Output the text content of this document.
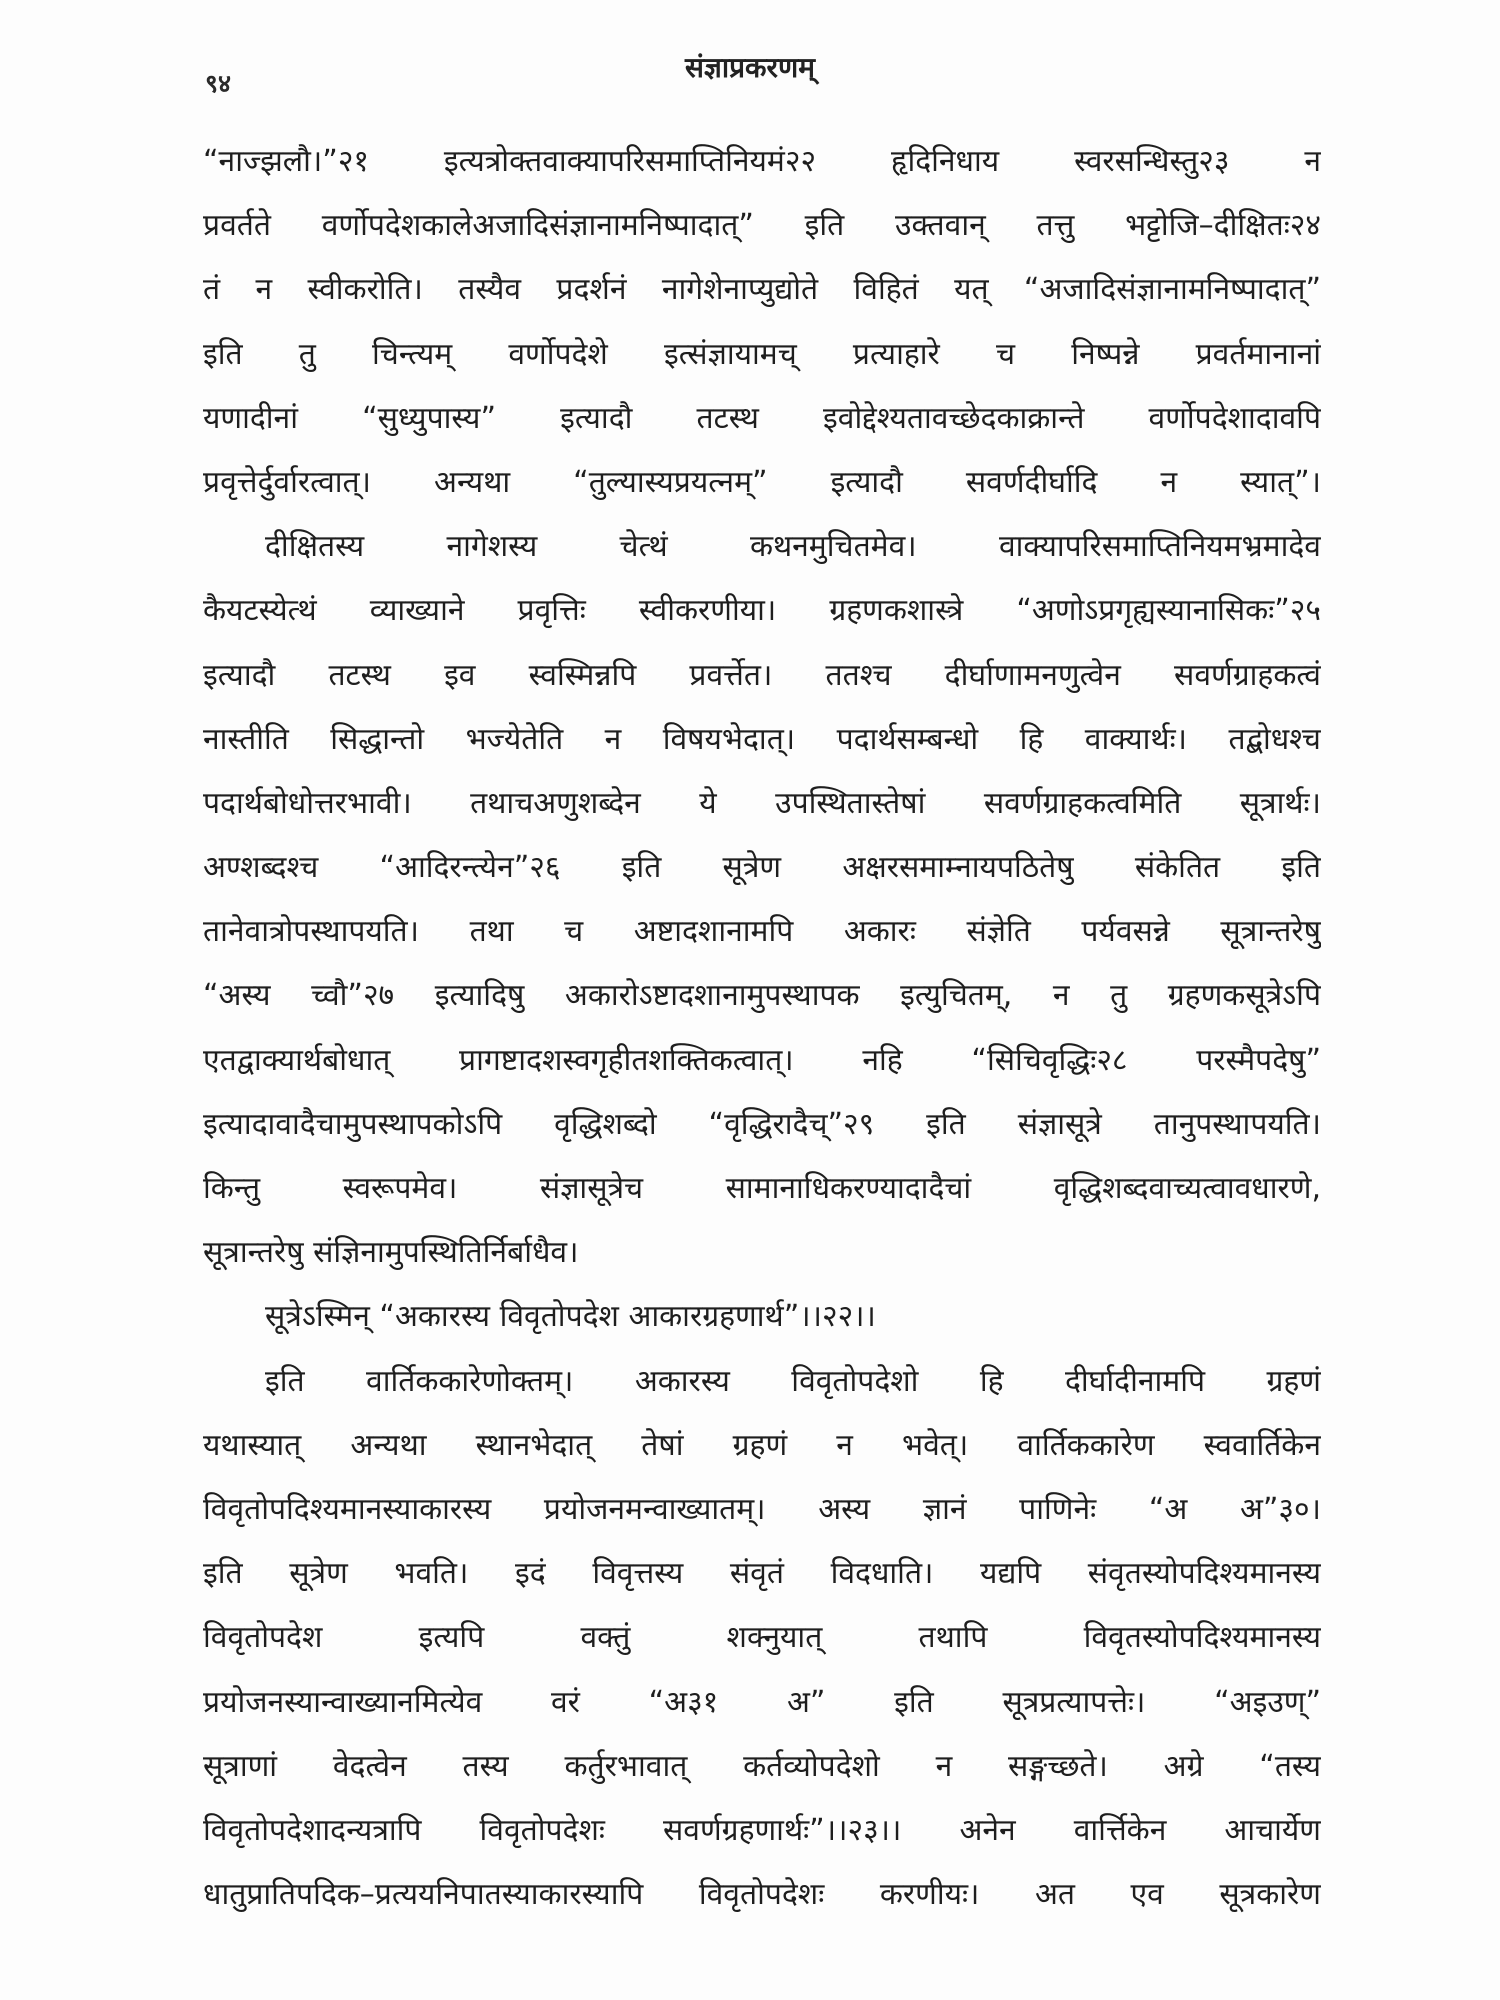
९४	संज्ञाप्रकरणम्
“नाज्झलौ।”२१ इत्यत्रोक्तवाक्यापरिसमाप्तिनियमं२२ हृदिनिधाय स्वरसन्धिस्तु२३ न
प्रवर्तते वर्णोपदेशकालेअजादिसंज्ञानामनिष्पादात्” इति उक्तवान् तत्तु भट्टोजि–दीक्षितः२४
तं न स्वीकरोति। तस्यैव प्रदर्शनं नागेशेनाप्युद्योते विहितं यत् “अजादिसंज्ञानामनिष्पादात्”
इति तु चिन्त्यम् वर्णोपदेशे इत्संज्ञायामच् प्रत्याहारे च निष्पन्ने प्रवर्तमानानां
यणादीनां “सुध्युपास्य” इत्यादौ तटस्थ इवोद्देश्यतावच्छेदकाक्रान्ते वर्णोपदेशादावपि
प्रवृत्तेर्दुर्वारत्वात्। अन्यथा “तुल्यास्यप्रयत्नम्” इत्यादौ सवर्णदीर्घादि न स्यात्”।
दीक्षितस्य नागेशस्य चेत्थं कथनमुचितमेव। वाक्यापरिसमाप्तिनियमभ्रमादेव
कैयटस्येत्थं व्याख्याने प्रवृत्तिः स्वीकरणीया। ग्रहणकशास्त्रे “अणोऽप्रगृह्यस्यानासिकः”२५
इत्यादौ तटस्थ इव स्वस्मिन्नपि प्रवर्त्तेत। ततश्च दीर्घाणामनणुत्वेन सवर्णग्राहकत्वं
नास्तीति सिद्धान्तो भज्येतेति न विषयभेदात्। पदार्थसम्बन्धो हि वाक्यार्थः। तद्बोधश्च
पदार्थबोधोत्तरभावी। तथाचअणुशब्देन ये उपस्थितास्तेषां सवर्णग्राहकत्वमिति सूत्रार्थः।
अण्शब्दश्च “आदिरन्त्येन”२६ इति सूत्रेण अक्षरसमाम्नायपठितेषु संकेतित इति
तानेवात्रोपस्थापयति। तथा च अष्टादशानामपि अकारः संज्ञेति पर्यवसन्ने सूत्रान्तरेषु
“अस्य च्वौ”२७ इत्यादिषु अकारोऽष्टादशानामुपस्थापक इत्युचितम्, न तु ग्रहणकसूत्रेऽपि
एतद्वाक्यार्थबोधात् प्रागष्टादशस्वगृहीतशक्तिकत्वात्। नहि “सिचिवृद्धिः२८ परस्मैपदेषु”
इत्यादावादैचामुपस्थापकोऽपि वृद्धिशब्दो “वृद्धिरादैच्”२९ इति संज्ञासूत्रे तानुपस्थापयति।
किन्तु स्वरूपमेव। संज्ञासूत्रेच सामानाधिकरण्यादादैचां वृद्धिशब्दवाच्यत्वावधारणे,
सूत्रान्तरेषु संज्ञिनामुपस्थितिर्निर्बाधैव।
सूत्रेऽस्मिन् “अकारस्य विवृतोपदेश आकारग्रहणार्थ”।।२२।।
इति वार्तिककारेणोक्तम्। अकारस्य विवृतोपदेशो हि दीर्घादीनामपि ग्रहणं
यथास्यात् अन्यथा स्थानभेदात् तेषां ग्रहणं न भवेत्। वार्तिककारेण स्ववार्तिकेन
विवृतोपदिश्यमानस्याकारस्य प्रयोजनमन्वाख्यातम्। अस्य ज्ञानं पाणिनेः “अ अ”३०।
इति सूत्रेण भवति। इदं विवृत्तस्य संवृतं विदधाति। यद्यपि संवृतस्योपदिश्यमानस्य
विवृतोपदेश इत्यपि वक्तुं शक्नुयात् तथापि विवृतस्योपदिश्यमानस्य
प्रयोजनस्यान्वाख्यानमित्येव वरं “अ३१ अ” इति सूत्रप्रत्यापत्तेः। “अइउण्”
सूत्राणां वेदत्वेन तस्य कर्तुरभावात् कर्तव्योपदेशो न सङ्गच्छते। अग्रे “तस्य
विवृतोपदेशादन्यत्रापि विवृतोपदेशः सवर्णग्रहणार्थः”।।२३।। अनेन वार्त्तिकेन आचार्येण
धातुप्रातिपदिक–प्रत्ययनिपातस्याकारस्यापि विवृतोपदेशः करणीयः। अत एव सूत्रकारेण
